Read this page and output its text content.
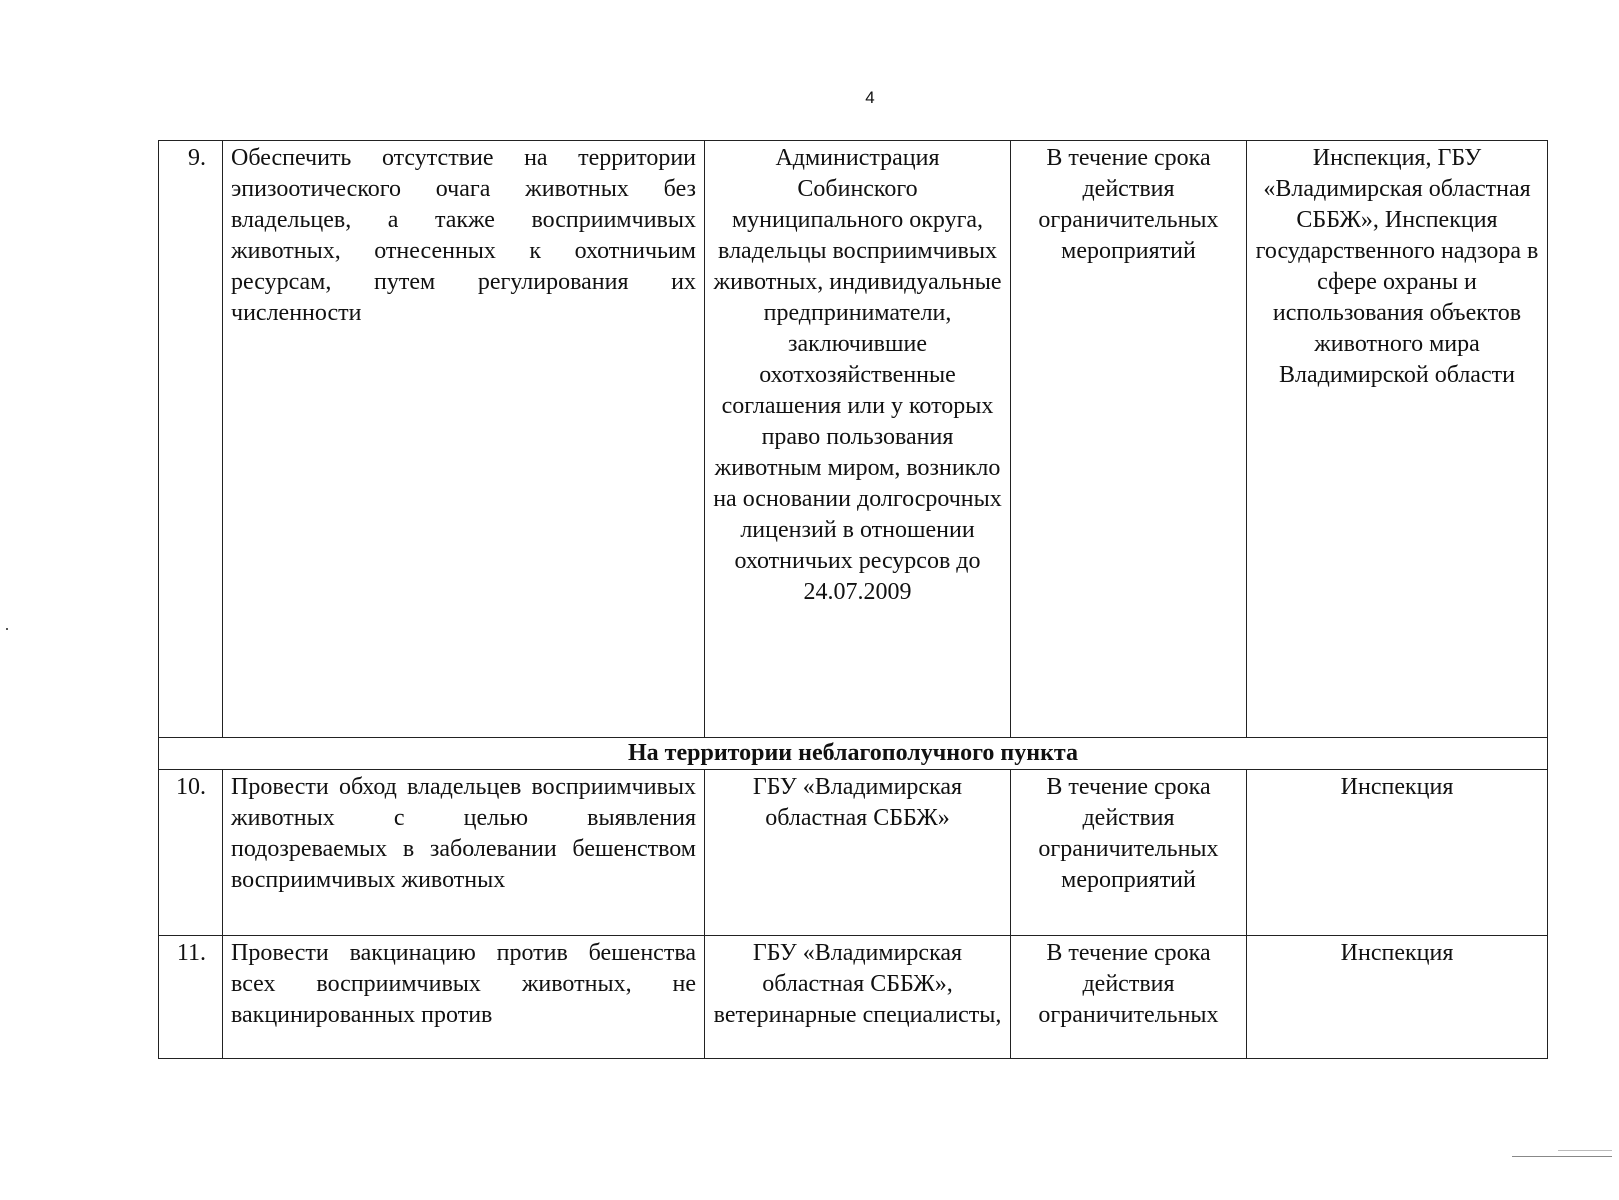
4
9.	Обеспечить отсутствие на территории эпизоотического очага животных без владельцев, а также восприимчивых животных, отнесенных к охотничьим ресурсам, путем регулирования их численности	Администрация Собинского муниципального округа, владельцы восприимчивых животных, индивидуальные предприниматели, заключившие охотхозяйственные соглашения или у которых право пользования животным миром, возникло на основании долгосрочных лицензий в отношении охотничьих ресурсов до 24.07.2009	В течение срока действия ограничительных мероприятий	Инспекция, ГБУ «Владимирская областная СББЖ», Инспекция государственного надзора в сфере охраны и использования объектов животного мира Владимирской области
На территории неблагополучного пункта				
10.	Провести обход владельцев восприимчивых животных с целью выявления подозреваемых в заболевании бешенством восприимчивых животных	ГБУ «Владимирская областная СББЖ»	В течение срока действия ограничительных мероприятий	Инспекция
11.	Провести вакцинацию против бешенства всех восприимчивых животных, не вакцинированных против	ГБУ «Владимирская областная СББЖ», ветеринарные специалисты,	В течение срока действия ограничительных	Инспекция
